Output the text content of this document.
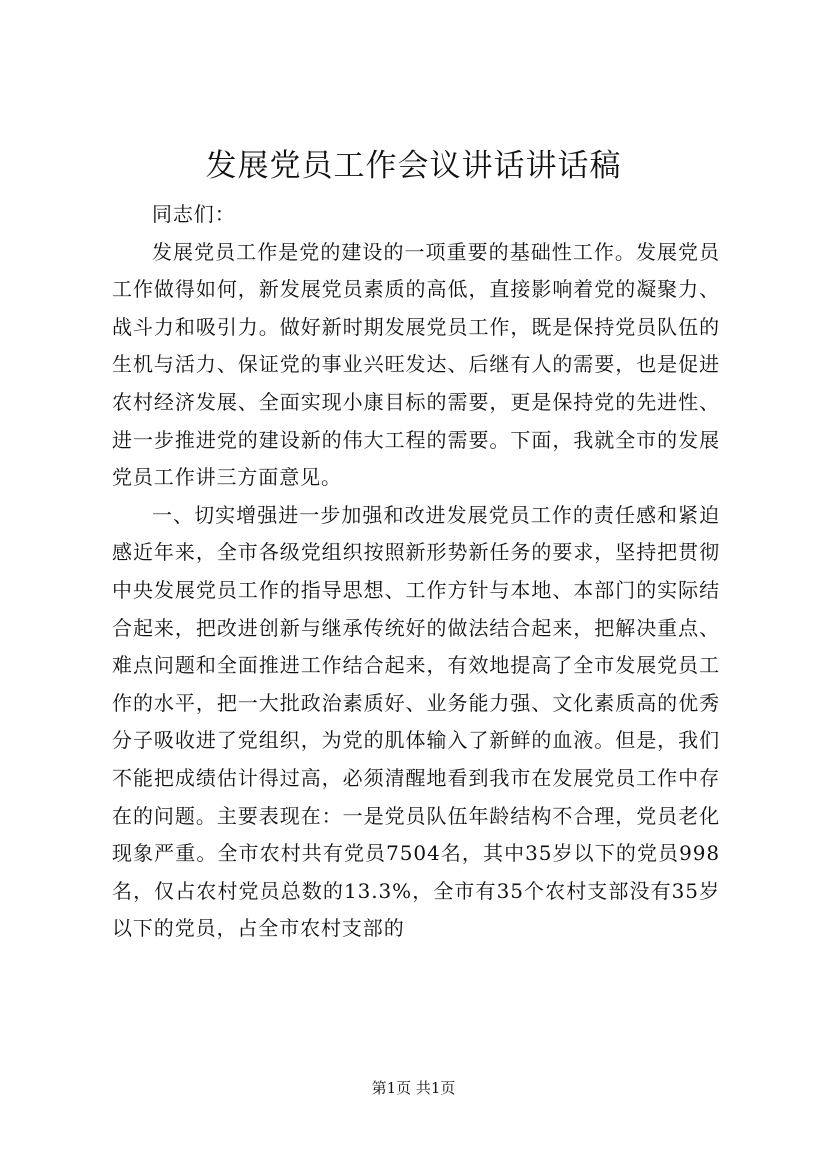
发展党员工作会议讲话讲话稿

同志们：

发展党员工作是党的建设的一项重要的基础性工作。发展党员工作做得如何，新发展党员素质的高低，直接影响着党的凝聚力、战斗力和吸引力。做好新时期发展党员工作，既是保持党员队伍的生机与活力、保证党的事业兴旺发达、后继有人的需要，也是促进农村经济发展、全面实现小康目标的需要，更是保持党的先进性、进一步推进党的建设新的伟大工程的需要。下面，我就全市的发展党员工作讲三方面意见。

一、切实增强进一步加强和改进发展党员工作的责任感和紧迫感近年来，全市各级党组织按照新形势新任务的要求，坚持把贯彻中央发展党员工作的指导思想、工作方针与本地、本部门的实际结合起来，把改进创新与继承传统好的做法结合起来，把解决重点、难点问题和全面推进工作结合起来，有效地提高了全市发展党员工作的水平，把一大批政治素质好、业务能力强、文化素质高的优秀分子吸收进了党组织，为党的肌体输入了新鲜的血液。但是，我们不能把成绩估计得过高，必须清醒地看到我市在发展党员工作中存在的问题。主要表现在：一是党员队伍年龄结构不合理，党员老化现象严重。全市农村共有党员7504名，其中35岁以下的党员998名，仅占农村党员总数的13.3%，全市有35个农村支部没有35岁以下的党员，占全市农村支部的

第1页 共1页
